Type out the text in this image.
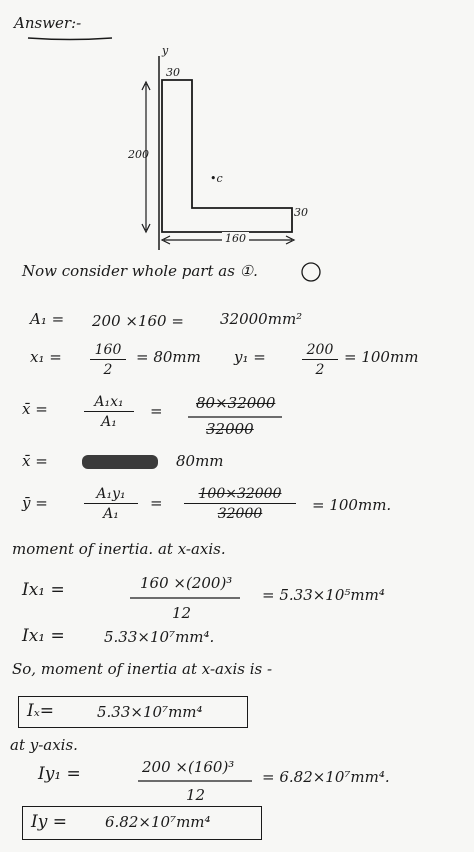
Answer:-
y
30
200
•c
30
160
Now consider whole part as ①.
A₁ = 200 ×160 = 32000mm²
$x_1 = \frac{160}{2} = 80mm$ y₁ =	$\frac{200}{2} = 100mm$
x̄ =	$\frac{\text{A₁x₁}}{\text{A₁}} = 80\times 32000$
32000
x̄ =	80mm
ȳ =	$\frac{\text{A₁y₁}}{\text{A₁}} = \frac{100\times 32000}{32000} = 100mm$.
moment of inertia. at x-axis.
Ix₁ =	160 ×(200)³
12
= 5.33×10⁵mm⁴
Ix₁ =	5.33×10⁷mm⁴.
So, moment of inertia at x-axis is -
Iₓ=	5.33×10⁷mm⁴
at y-axis.
Iy₁ =	200 ×(160)³
12
= 6.82×10⁷mm⁴.
Iy =	6.82×10⁷mm⁴
